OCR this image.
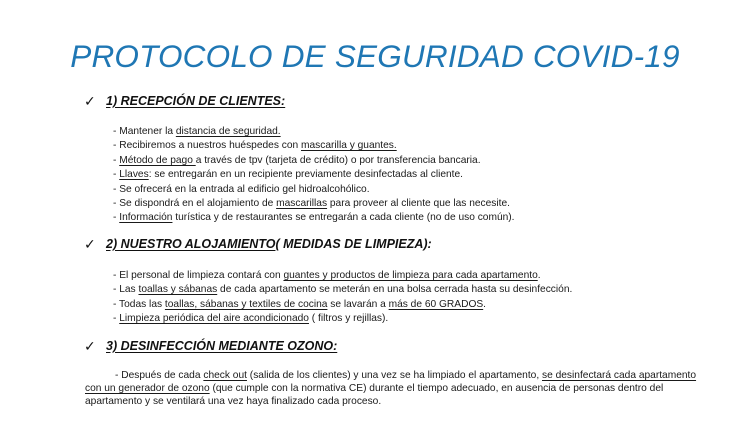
PROTOCOLO DE SEGURIDAD COVID-19
✓ 1) RECEPCIÓN DE CLIENTES:
- Mantener la distancia de seguridad.
- Recibiremos a nuestros huéspedes con mascarilla y guantes.
- Método de pago a través de tpv (tarjeta de crédito) o por transferencia bancaria.
- Llaves: se entregarán en un recipiente previamente desinfectadas al cliente.
- Se ofrecerá en la entrada al edificio gel hidroalcohólico.
- Se dispondrá en el alojamiento de mascarillas para proveer al cliente que las necesite.
- Información turística y de restaurantes se entregarán a cada cliente (no de uso común).
✓ 2) NUESTRO ALOJAMIENTO ( MEDIDAS DE LIMPIEZA):
- El personal de limpieza contará con guantes y productos de limpieza para cada apartamento.
- Las toallas y sábanas de cada apartamento se meterán en una bolsa cerrada hasta su desinfección.
- Todas las toallas, sábanas y textiles de cocina se lavarán a más de 60 GRADOS.
- Limpieza periódica del aire acondicionado ( filtros y rejillas).
✓ 3) DESINFECCIÓN MEDIANTE OZONO:
- Después de cada check out (salida de los clientes) y una vez se ha limpiado el apartamento, se desinfectará cada apartamento con un generador de ozono (que cumple con la normativa CE) durante el tiempo adecuado, en ausencia de personas dentro del apartamento y se ventilará una vez haya finalizado cada proceso.
